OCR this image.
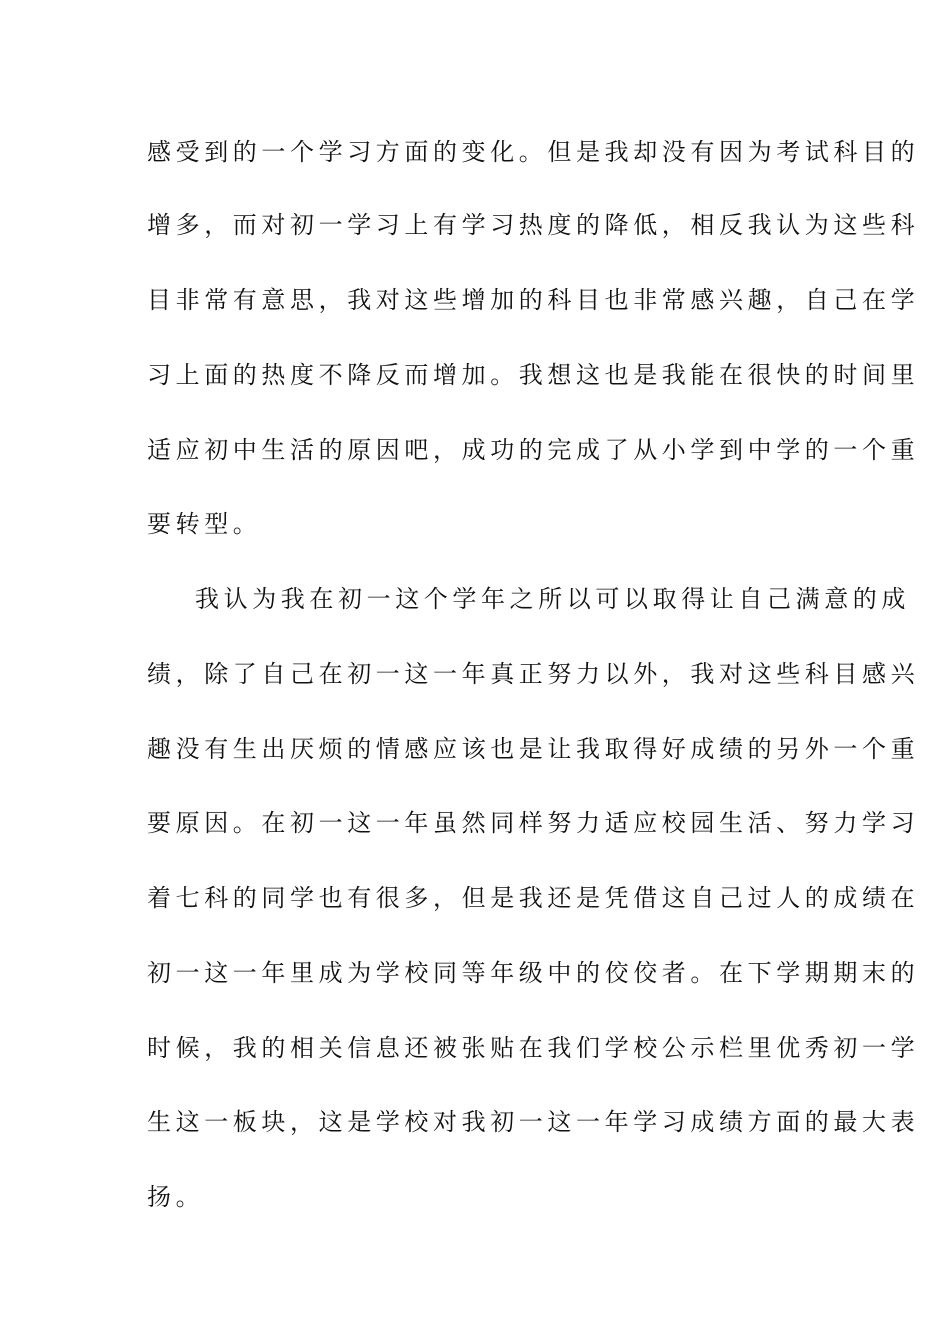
感受到的一个学习方面的变化。但是我却没有因为考试科目的
增多，而对初一学习上有学习热度的降低，相反我认为这些科
目非常有意思，我对这些增加的科目也非常感兴趣，自己在学
习上面的热度不降反而增加。我想这也是我能在很快的时间里
适应初中生活的原因吧，成功的完成了从小学到中学的一个重
要转型。
我认为我在初一这个学年之所以可以取得让自己满意的成
绩，除了自己在初一这一年真正努力以外，我对这些科目感兴
趣没有生出厌烦的情感应该也是让我取得好成绩的另外一个重
要原因。在初一这一年虽然同样努力适应校园生活、努力学习
着七科的同学也有很多，但是我还是凭借这自己过人的成绩在
初一这一年里成为学校同等年级中的佼佼者。在下学期期末的
时候，我的相关信息还被张贴在我们学校公示栏里优秀初一学
生这一板块，这是学校对我初一这一年学习成绩方面的最大表
扬。
